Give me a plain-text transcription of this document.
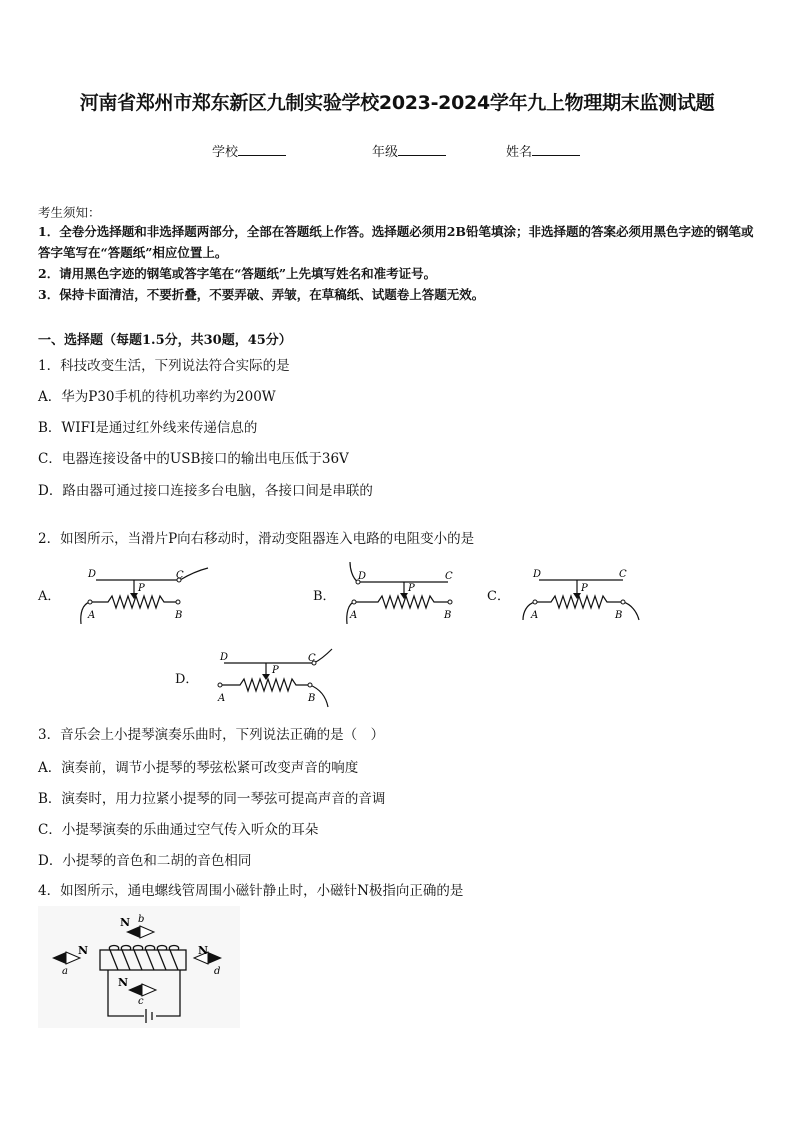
河南省郑州市郑东新区九制实验学校2023-2024学年九上物理期末监测试题
学校	年级	姓名
考生须知：
1．全卷分选择题和非选择题两部分，全部在答题纸上作答。选择题必须用2B铅笔填涂；非选择题的答案必须用黑色字迹的钢笔或答字笔写在“答题纸”相应位置上。
2．请用黑色字迹的钢笔或答字笔在“答题纸”上先填写姓名和准考证号。
3．保持卡面清洁，不要折叠，不要弄破、弄皱，在草稿纸、试题卷上答题无效。
一、选择题（每题1.5分，共30题，45分）
1．科技改变生活，下列说法符合实际的是
A．华为P30手机的待机功率约为200W
B．WIFI是通过红外线来传递信息的
C．电器连接设备中的USB接口的输出电压低于36V
D．路由器可通过接口连接多台电脑，各接口间是串联的
2．如图所示，当滑片P向右移动时，滑动变阻器连入电路的电阻变小的是
A．	B．	C．
D．
D	C
P
A	B
D	C
P
A	B
D	C
P
A	B
D	C
P
A	B
3．音乐会上小提琴演奏乐曲时，下列说法正确的是（　）
A．演奏前，调节小提琴的琴弦松紧可改变声音的响度
B．演奏时，用力拉紧小提琴的同一琴弦可提高声音的音调
C．小提琴演奏的乐曲通过空气传入听众的耳朵
D．小提琴的音色和二胡的音色相同
4．如图所示，通电螺线管周围小磁针静止时，小磁针N极指向正确的是
N
a
N b
N
c
N
d
